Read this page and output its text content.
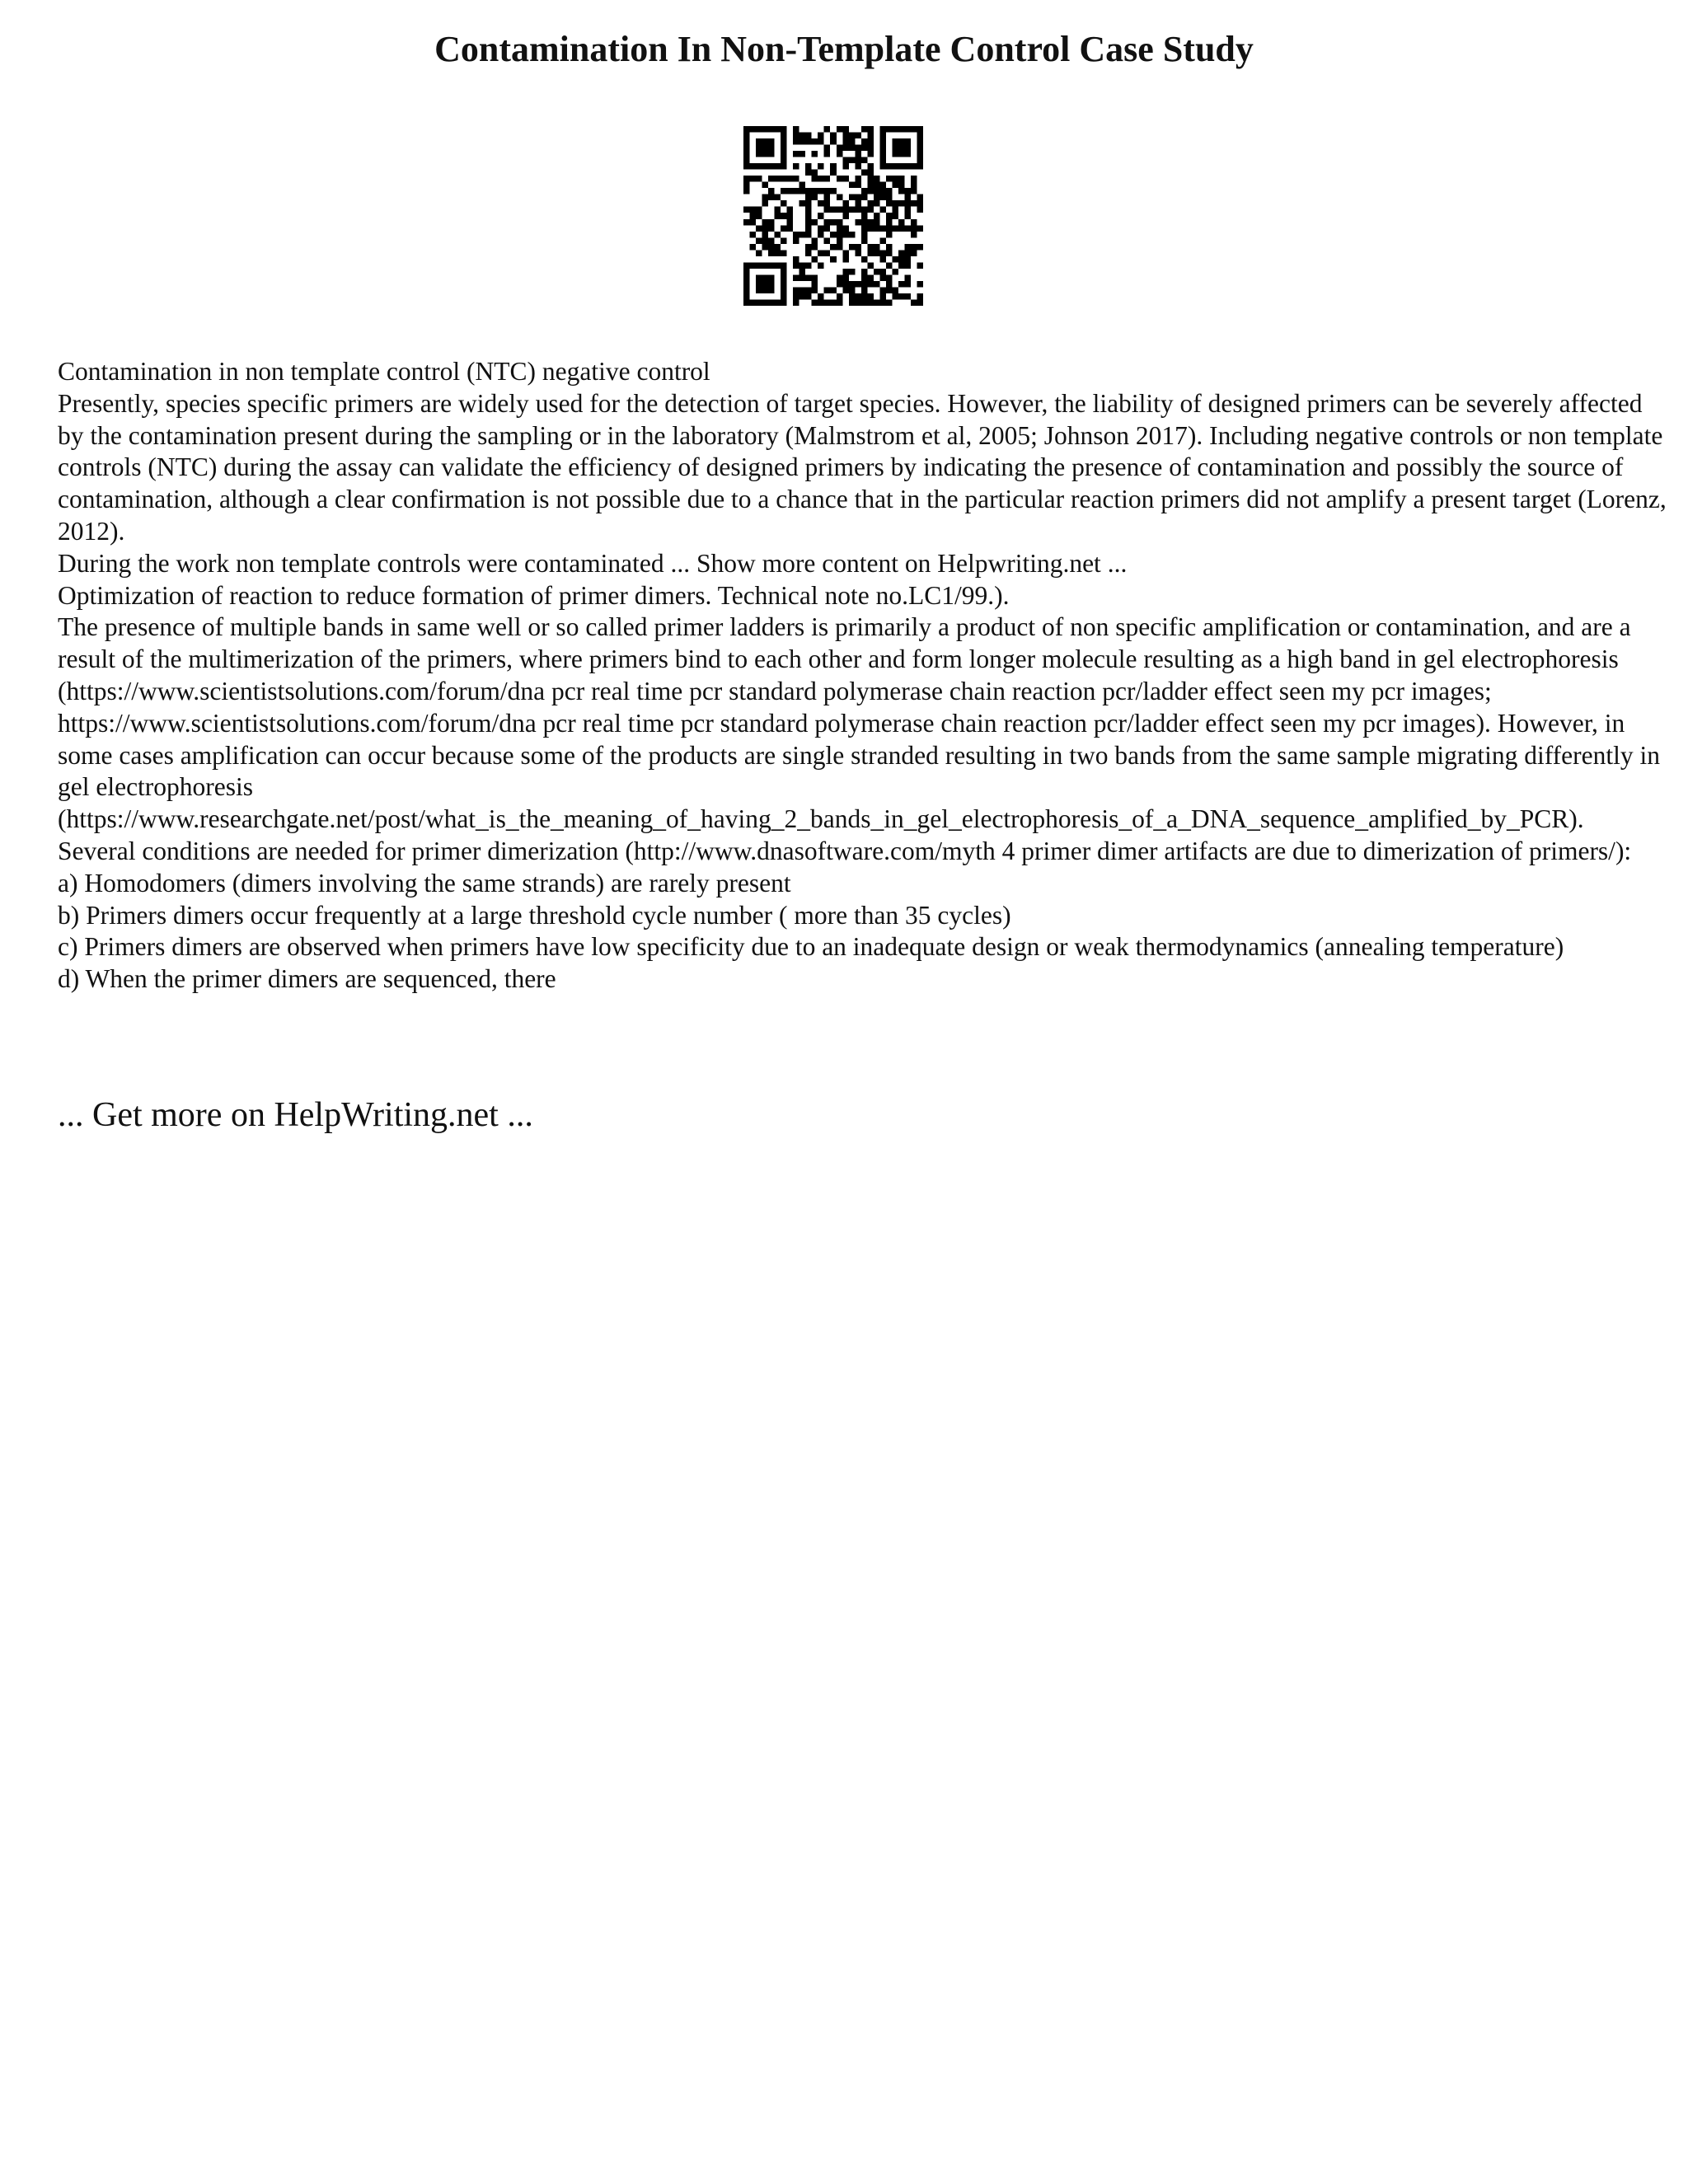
Contamination In Non-Template Control Case Study

Contamination in non template control (NTC) negative control

Presently, species specific primers are widely used for the detection of target species. However, the liability of designed primers can be severely affected by the contamination present during the sampling or in the laboratory (Malmstrom et al, 2005; Johnson 2017). Including negative controls or non template controls (NTC) during the assay can validate the efficiency of designed primers by indicating the presence of contamination and possibly the source of contamination, although a clear confirmation is not possible due to a chance that in the particular reaction primers did not amplify a present target (Lorenz, 2012).

During the work non template controls were contaminated ... Show more content on Helpwriting.net ...

Optimization of reaction to reduce formation of primer dimers. Technical note no.LC1/99.).

The presence of multiple bands in same well or so called primer ladders is primarily a product of non specific amplification or contamination, and are a result of the multimerization of the primers, where primers bind to each other and form longer molecule resulting as a high band in gel electrophoresis (https://www.scientistsolutions.com/forum/dna pcr real time pcr standard polymerase chain reaction pcr/ladder effect seen my pcr images; https://www.scientistsolutions.com/forum/dna pcr real time pcr standard polymerase chain reaction pcr/ladder effect seen my pcr images). However, in some cases amplification can occur because some of the products are single stranded resulting in two bands from the same sample migrating differently in gel electrophoresis (https://www.researchgate.net/post/what_is_the_meaning_of_having_2_bands_in_gel_electrophoresis_of_a_DNA_sequence_amplified_by_PCR).

Several conditions are needed for primer dimerization (http://www.dnasoftware.com/myth 4 primer dimer artifacts are due to dimerization of primers/):

a) Homodomers (dimers involving the same strands) are rarely present

b) Primers dimers occur frequently at a large threshold cycle number ( more than 35 cycles)

c) Primers dimers are observed when primers have low specificity due to an inadequate design or weak thermodynamics (annealing temperature)

d) When the primer dimers are sequenced, there

... Get more on HelpWriting.net ...
